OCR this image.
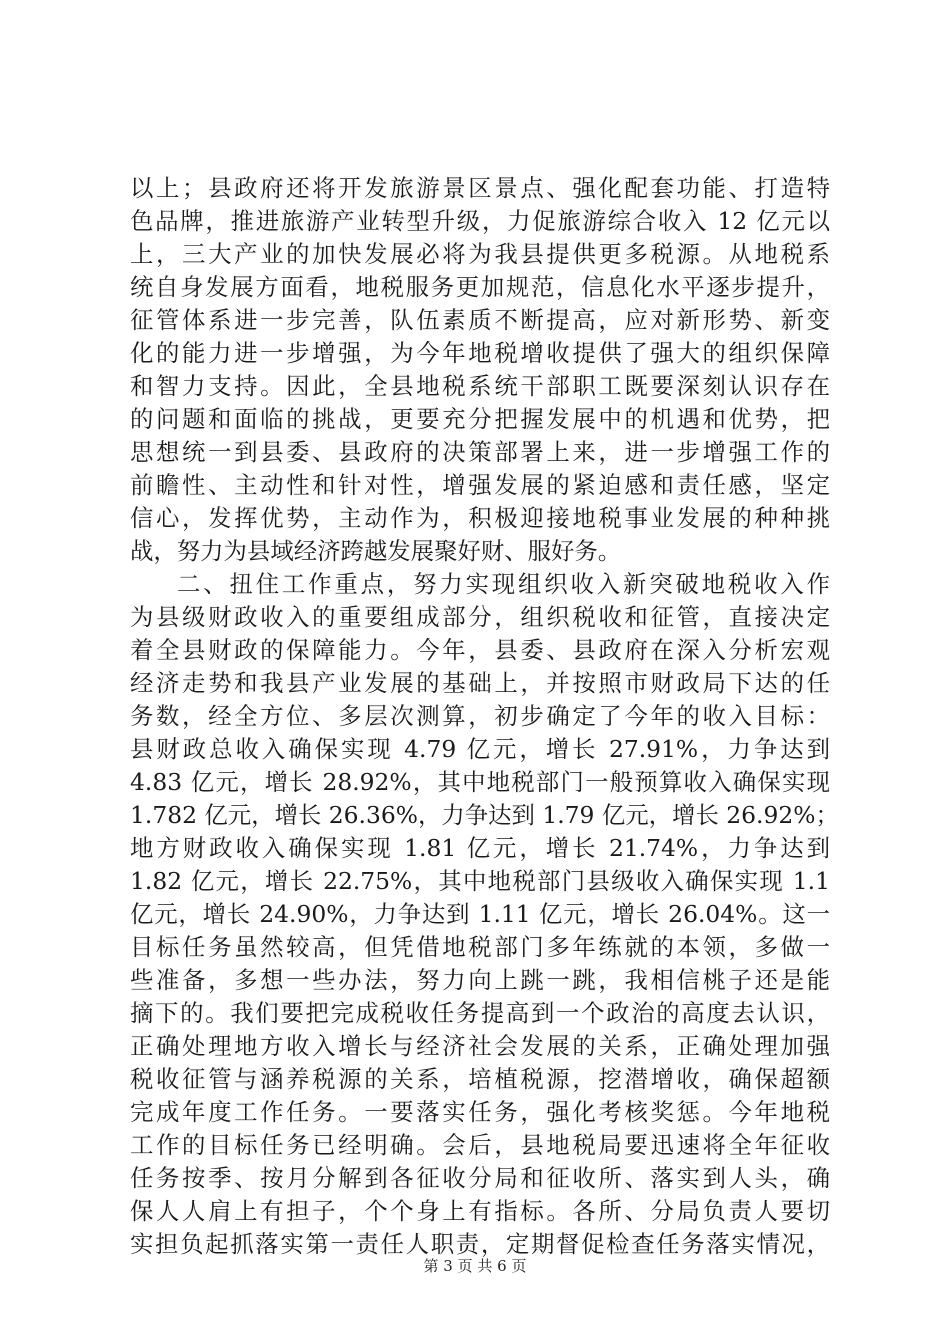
以上；县政府还将开发旅游景区景点、强化配套功能、打造特
色品牌，推进旅游产业转型升级，力促旅游综合收入 12 亿元以
上，三大产业的加快发展必将为我县提供更多税源。从地税系
统自身发展方面看，地税服务更加规范，信息化水平逐步提升，
征管体系进一步完善，队伍素质不断提高，应对新形势、新变
化的能力进一步增强，为今年地税增收提供了强大的组织保障
和智力支持。因此，全县地税系统干部职工既要深刻认识存在
的问题和面临的挑战，更要充分把握发展中的机遇和优势，把
思想统一到县委、县政府的决策部署上来，进一步增强工作的
前瞻性、主动性和针对性，增强发展的紧迫感和责任感，坚定
信心，发挥优势，主动作为，积极迎接地税事业发展的种种挑
战，努力为县域经济跨越发展聚好财、服好务。
二、扭住工作重点，努力实现组织收入新突破地税收入作
为县级财政收入的重要组成部分，组织税收和征管，直接决定
着全县财政的保障能力。今年，县委、县政府在深入分析宏观
经济走势和我县产业发展的基础上，并按照市财政局下达的任
务数，经全方位、多层次测算，初步确定了今年的收入目标：
县财政总收入确保实现 4.79 亿元，增长 27.91%，力争达到
4.83 亿元，增长 28.92%，其中地税部门一般预算收入确保实现
1.782 亿元，增长 26.36%，力争达到 1.79 亿元，增长 26.92%；
地方财政收入确保实现 1.81 亿元，增长 21.74%，力争达到
1.82 亿元，增长 22.75%，其中地税部门县级收入确保实现 1.1
亿元，增长 24.90%，力争达到 1.11 亿元，增长 26.04%。这一
目标任务虽然较高，但凭借地税部门多年练就的本领，多做一
些准备，多想一些办法，努力向上跳一跳，我相信桃子还是能
摘下的。我们要把完成税收任务提高到一个政治的高度去认识，
正确处理地方收入增长与经济社会发展的关系，正确处理加强
税收征管与涵养税源的关系，培植税源，挖潜增收，确保超额
完成年度工作任务。一要落实任务，强化考核奖惩。今年地税
工作的目标任务已经明确。会后，县地税局要迅速将全年征收
任务按季、按月分解到各征收分局和征收所、落实到人头，确
保人人肩上有担子，个个身上有指标。各所、分局负责人要切
实担负起抓落实第一责任人职责，定期督促检查任务落实情况，
第 3 页 共 6 页
